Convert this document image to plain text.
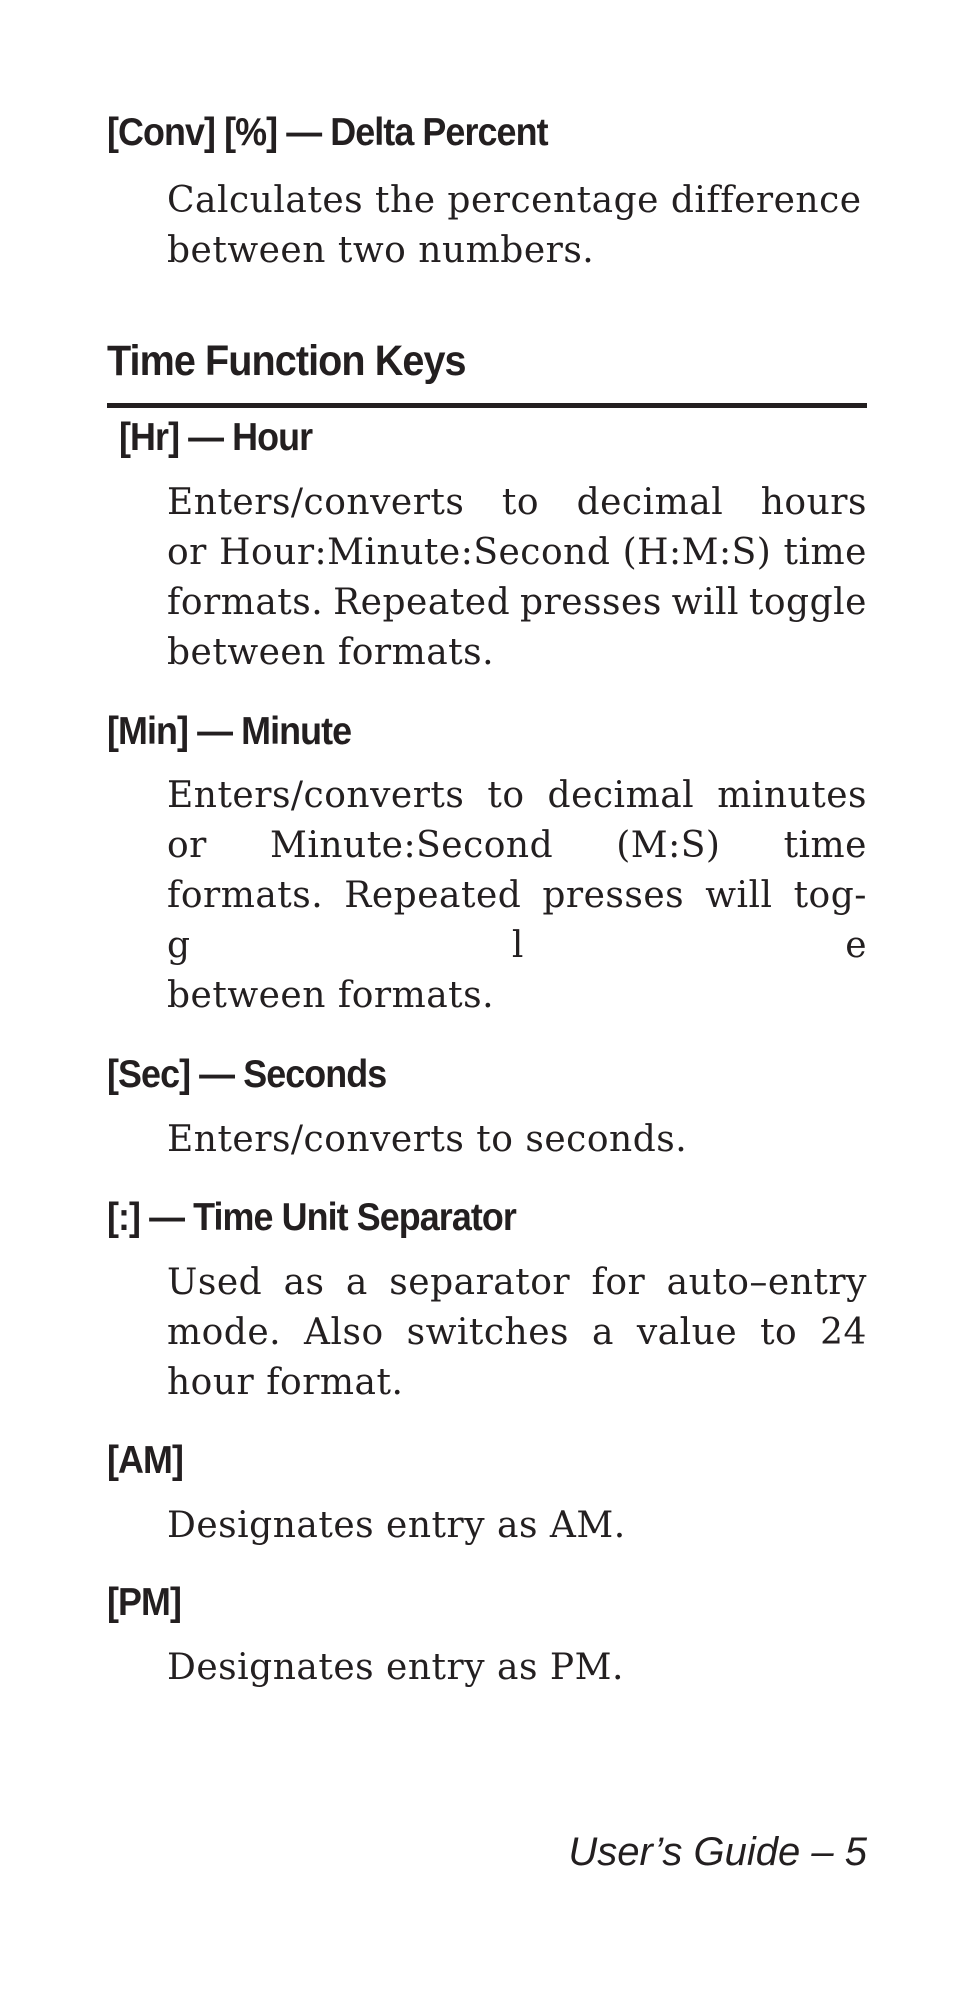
[Conv] [%] — Delta Percent
Calculates the percentage difference
between two numbers.
Time Function Keys
[Hr] — Hour
Enters/converts to decimal hours
or Hour:Minute:Second (H:M:S) time
formats. Repeated presses will toggle
between formats.
[Min] — Minute
Enters/converts to decimal minutes
or Minute:Second (M:S) time
formats. Repeated presses will tog-
g	l	e
between formats.
[Sec] — Seconds
Enters/converts to seconds.
[:] — Time Unit Separator
Used as a separator for auto–entry
mode. Also switches a value to 24
hour format.
[AM]
Designates entry as AM.
[PM]
Designates entry as PM.
User’s Guide – 5
